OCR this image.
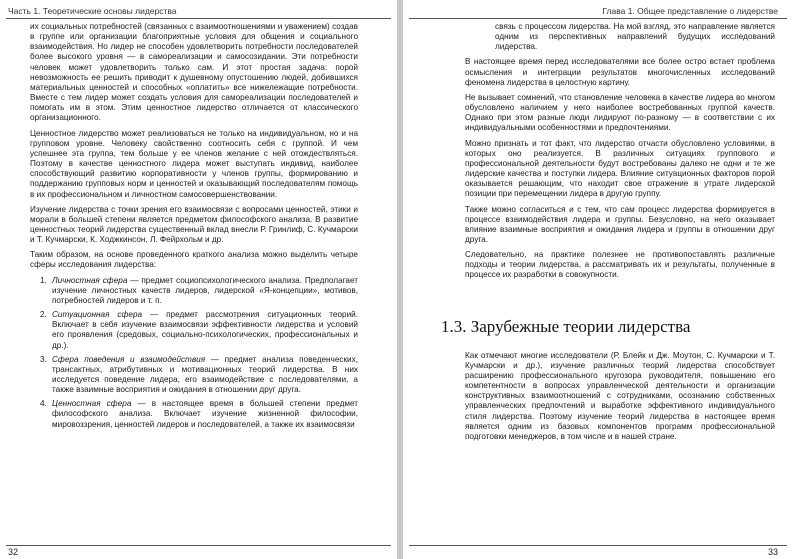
Часть 1. Теоретические основы лидерства

их социальных потребностей (связанных с взаимоотношениями и уважением) создав в группе или организации благоприятные условия для общения и социального взаимодействия. Но лидер не способен удовлетворить потребности последователей более высокого уровня — в самореализации и самосозидании. Эти потребности человек может удовлетворить только сам. И этот простая задача: порой невозможность ее решить приводит к душевному опустошению людей, добившихся материальных ценностей и способных «оплатить» все нижележащие потребности. Вместе с тем лидер может создать условия для самореализации последователей и помогать им в этом. Этим ценностное лидерство отличается от классического организационного.

Ценностное лидерство может реализоваться не только на индивидуальном, но и на групповом уровне. Человеку свойственно соотносить себя с группой. И чем успешнее эта группа, тем больше у ее членов желание с ней отождествляться. Поэтому в качестве ценностного лидера может выступать индивид, наиболее способствующий развитию корпоративности у членов группы, формированию и поддержанию групповых норм и ценностей и оказывающий последователям помощь в их профессиональном и личностном самосовершенствовании.

Изучение лидерства с точки зрения его взаимосвязи с вопросами ценностей, этики и морали в большей степени является предметом философского анализа. В развитие ценностных теорий лидерства существенный вклад внесли Р. Гринлиф, С. Кучмарски и Т. Кучмарски, К. Ходжкинсон, Л. Фейрхольм и др.

Таким образом, на основе проведенного краткого анализа можно выделить четыре сферы исследования лидерства:

1. Личностная сфера — предмет социопсихологического анализа. Предполагает изучение личностных качеств лидеров, лидерской «Я-концепции», мотивов, потребностей лидеров и т. п.
2. Ситуационная сфера — предмет рассмотрения ситуационных теорий. Включает в себя изучение взаимосвязи эффективности лидерства и условий его проявления (средовых, социально-психологических, профессиональных и др.).
3. Сфера поведения и взаимодействия — предмет анализа поведенческих, трансактных, атрибутивных и мотивационных теорий лидерства. В них исследуется поведение лидера, его взаимодействие с последователями, а также взаимные восприятия и ожидания в отношении друг друга.
4. Ценностная сфера — в настоящее время в большей степени предмет философского анализа. Включает изучение жизненной философии, мировоззрения, ценностей лидеров и последователей, а также их взаимосвязи
32
Глава 1. Общее представление о лидерстве

связь с процессом лидерства. На мой взгляд, это направление является одним из перспективных направлений будущих исследований лидерства.

В настоящее время перед исследователями все более остро встает проблема осмысления и интеграции результатов многочисленных исследований феномена лидерства в целостную картину.

Не вызывает сомнений, что становление человека в качестве лидера во многом обусловлено наличием у него наиболее востребованных группой качеств. Однако при этом разные люди лидируют по-разному — в соответствии с их индивидуальными особенностями и предпочтениями.

Можно признать и тот факт, что лидерство отчасти обусловлено условиями, в которых оно реализуется. В различных ситуациях группового и профессиональной деятельности будут востребованы далеко не одни и те же лидерские качества и поступки лидера. Влияние ситуационных факторов порой оказывается решающим, что находит свое отражение в утрате лидерской позиции при перемещении лидера в другую группу.

Также можно согласиться и с тем, что сам процесс лидерства формируется в процессе взаимодействия лидера и группы. Безусловно, на него оказывает влияние взаимные восприятия и ожидания лидера и группы в отношении друг друга.

Следовательно, на практике полезнее не противопоставлять различные подходы и теории лидерства, а рассматривать их и результаты, полученные в процессе их разработки в совокупности.

1.3. Зарубежные теории лидерства

Как отмечают многие исследователи (Р. Блейк и Дж. Моутон, С. Кучмарски и Т. Кучмарски и др.), изучение различных теорий лидерства способствует расширению профессионального кругозора руководителя, повышению его компетентности в вопросах управленческой деятельности и организации конструктивных взаимоотношений с сотрудниками, осознанию собственных управленческих предпочтений и выработке эффективного индивидуального стиля лидерства. Поэтому изучение теорий лидерства в настоящее время является одним из базовых компонентов программ профессиональной подготовки менеджеров, в том числе и в нашей стране.

33
